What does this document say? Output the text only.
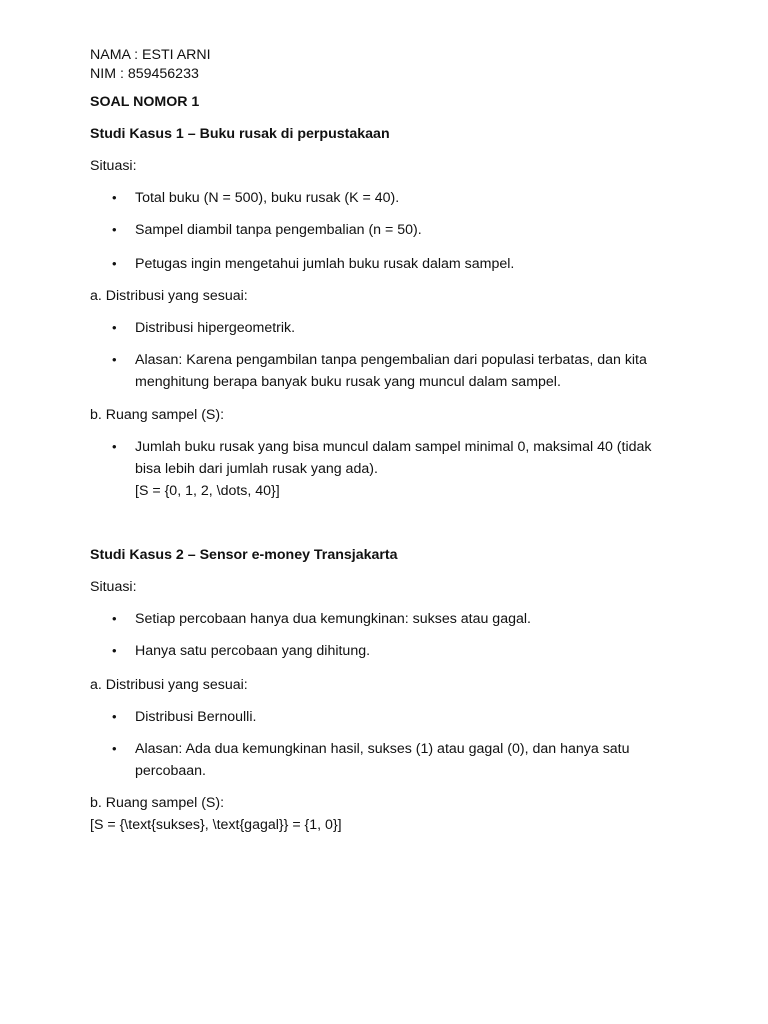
NAMA : ESTI ARNI
NIM : 859456233
SOAL NOMOR 1
Studi Kasus 1 – Buku rusak di perpustakaan
Situasi:
•	Total buku (N = 500), buku rusak (K = 40).
•	Sampel diambil tanpa pengembalian (n = 50).
•	Petugas ingin mengetahui jumlah buku rusak dalam sampel.
a. Distribusi yang sesuai:
•	Distribusi hipergeometrik.
•	Alasan: Karena pengambilan tanpa pengembalian dari populasi terbatas, dan kita menghitung berapa banyak buku rusak yang muncul dalam sampel.
b. Ruang sampel (S):
•	Jumlah buku rusak yang bisa muncul dalam sampel minimal 0, maksimal 40 (tidak bisa lebih dari jumlah rusak yang ada).
[S = {0, 1, 2, \dots, 40}]
Studi Kasus 2 – Sensor e-money Transjakarta
Situasi:
•	Setiap percobaan hanya dua kemungkinan: sukses atau gagal.
•	Hanya satu percobaan yang dihitung.
a. Distribusi yang sesuai:
•	Distribusi Bernoulli.
•	Alasan: Ada dua kemungkinan hasil, sukses (1) atau gagal (0), dan hanya satu percobaan.
b. Ruang sampel (S):
[S = {\text{sukses}, \text{gagal}} = {1, 0}]
